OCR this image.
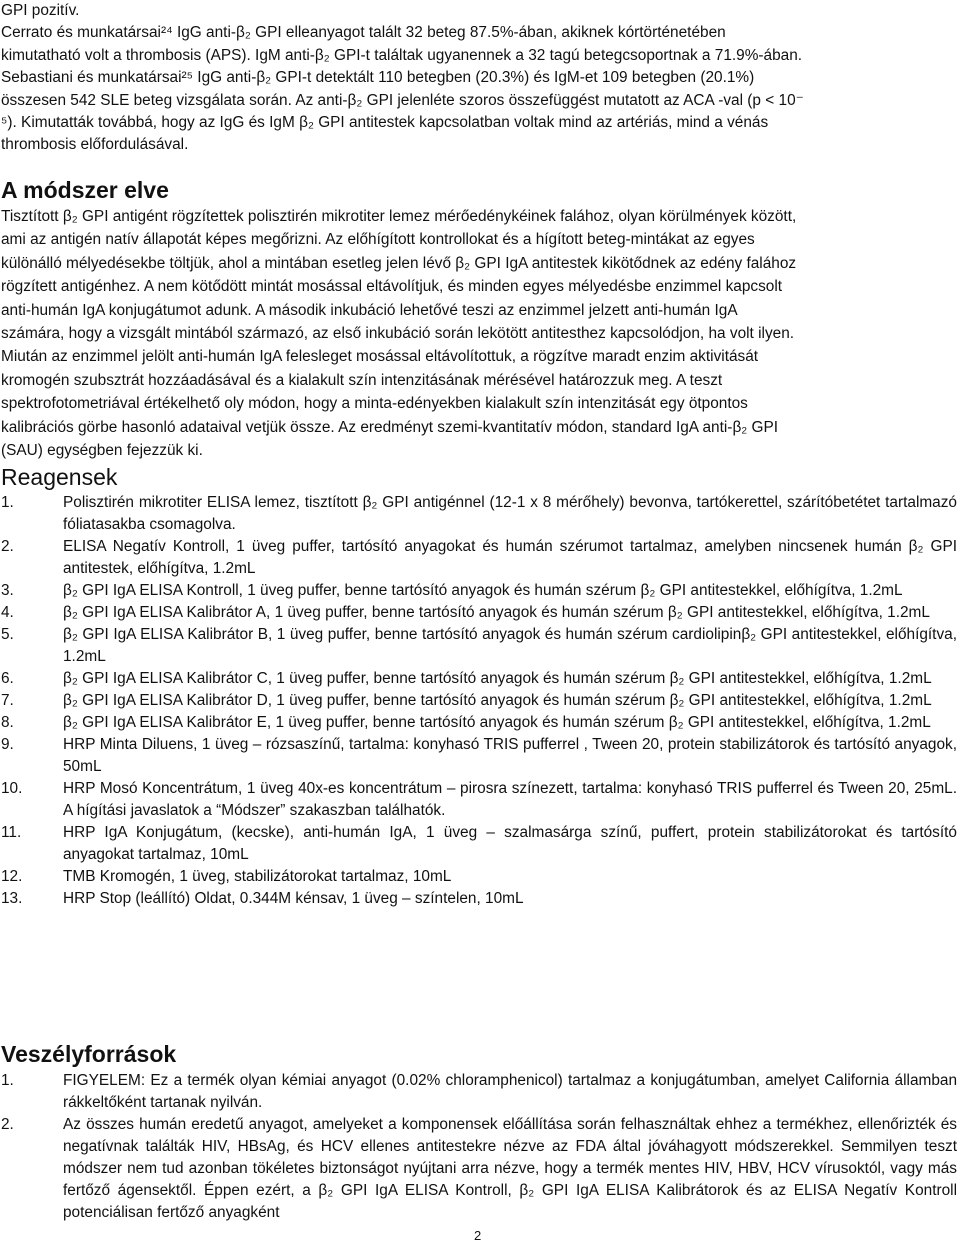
GPI pozitív.
Cerrato és munkatársai²⁴ IgG anti-β₂ GPI elleanyagot talált 32 beteg 87.5%-ában, akiknek kórtörténetében
kimutatható volt a thrombosis (APS). IgM anti-β₂ GPI-t találtak ugyanennek a 32 tagú betegcsoportnak a 71.9%-ában.
Sebastiani és munkatársai²⁵ IgG anti-β₂ GPI-t detektált 110 betegben (20.3%) és IgM-et 109 betegben (20.1%)
összesen 542 SLE beteg vizsgálata során. Az anti-β₂ GPI jelenléte szoros összefüggést mutatott az ACA -val (p < 10⁻
⁵). Kimutatták továbbá, hogy az IgG és IgM β₂ GPI antitestek kapcsolatban voltak mind az artériás, mind a vénás
thrombosis előfordulásával.
A módszer elve
Tisztított β₂ GPI antigént rögzítettek polisztirén mikrotiter lemez mérőedénykéinek falához, olyan körülmények között,
ami az antigén natív állapotát képes megőrizni. Az előhígított kontrollokat és a hígított beteg-mintákat az egyes
különálló mélyedésekbe töltjük, ahol a mintában esetleg jelen lévő β₂ GPI IgA antitestek kikötődnek az edény falához
rögzített antigénhez. A nem kötődött mintát mosással eltávolítjuk, és minden egyes mélyedésbe enzimmel kapcsolt
anti-humán IgA konjugátumot adunk. A második inkubáció lehetővé teszi az enzimmel jelzett anti-humán IgA
számára, hogy a vizsgált mintából származó, az első inkubáció során lekötött antitesthez kapcsolódjon, ha volt ilyen.
Miután az enzimmel jelölt anti-humán IgA felesleget mosással eltávolítottuk, a rögzítve maradt enzim aktivitását
kromogén szubsztrát hozzáadásával és a kialakult szín intenzitásának mérésével határozzuk meg. A teszt
spektrofotometriával értékelhető oly módon, hogy a minta-edényekben kialakult szín intenzitását egy ötpontos
kalibrációs görbe hasonló adataival vetjük össze. Az eredményt szemi-kvantitatív módon, standard IgA anti-β₂ GPI
(SAU) egységben fejezzük ki.
Reagensek
1.	Polisztirén mikrotiter ELISA lemez, tisztított β₂ GPI antigénnel (12-1 x 8 mérőhely) bevonva, tartókerettel, szárítóbetétet tartalmazó fóliatasakba csomagolva.
2.	ELISA Negatív Kontroll, 1 üveg puffer, tartósító anyagokat és humán szérumot tartalmaz, amelyben nincsenek humán β₂ GPI antitestek, előhígítva, 1.2mL
3.	β₂ GPI IgA ELISA Kontroll, 1 üveg puffer, benne tartósító anyagok és humán szérum β₂ GPI antitestekkel, előhígítva, 1.2mL
4.	β₂ GPI IgA ELISA Kalibrátor A, 1 üveg puffer, benne tartósító anyagok és humán szérum β₂ GPI antitestekkel, előhígítva, 1.2mL
5.	β₂ GPI IgA ELISA Kalibrátor B, 1 üveg puffer, benne tartósító anyagok és humán szérum cardiolipinβ₂ GPI antitestekkel, előhígítva, 1.2mL
6.	β₂ GPI IgA ELISA Kalibrátor C, 1 üveg puffer, benne tartósító anyagok és humán szérum β₂ GPI antitestekkel, előhígítva, 1.2mL
7.	β₂ GPI IgA ELISA Kalibrátor D, 1 üveg puffer, benne tartósító anyagok és humán szérum β₂ GPI antitestekkel, előhígítva, 1.2mL
8.	β₂ GPI IgA ELISA Kalibrátor E, 1 üveg puffer, benne tartósító anyagok és humán szérum β₂ GPI antitestekkel, előhígítva, 1.2mL
9.	HRP Minta Diluens, 1 üveg – rózsaszínű, tartalma: konyhasó TRIS pufferrel , Tween 20, protein stabilizátorok és tartósító anyagok, 50mL
10.	HRP Mosó Koncentrátum, 1 üveg 40x-es koncentrátum – pirosra színezett, tartalma: konyhasó TRIS pufferrel és Tween 20, 25mL. A hígítási javaslatok a “Módszer” szakaszban találhatók.
11.	HRP IgA Konjugátum, (kecske), anti-humán IgA, 1 üveg – szalmasárga színű, puffert, protein stabilizátorokat és tartósító anyagokat tartalmaz, 10mL
12.	TMB Kromogén, 1 üveg, stabilizátorokat tartalmaz, 10mL
13.	HRP Stop (leállító) Oldat, 0.344M kénsav, 1 üveg – színtelen, 10mL
Veszélyforrások
1.	FIGYELEM: Ez a termék olyan kémiai anyagot (0.02% chloramphenicol) tartalmaz a konjugátumban, amelyet California államban rákkeltőként tartanak nyilván.
2.	Az összes humán eredetű anyagot, amelyeket a komponensek előállítása során felhasználtak ehhez a termékhez, ellenőrizték és negatívnak találták HIV, HBsAg, és HCV ellenes antitestekre nézve az FDA által jóváhagyott módszerekkel. Semmilyen teszt módszer nem tud azonban tökéletes biztonságot nyújtani arra nézve, hogy a termék mentes HIV, HBV, HCV vírusoktól, vagy más fertőző ágensektől. Éppen ezért, a β₂ GPI IgA ELISA Kontroll, β₂ GPI IgA ELISA Kalibrátorok és az ELISA Negatív Kontroll potenciálisan fertőző anyagként
2
